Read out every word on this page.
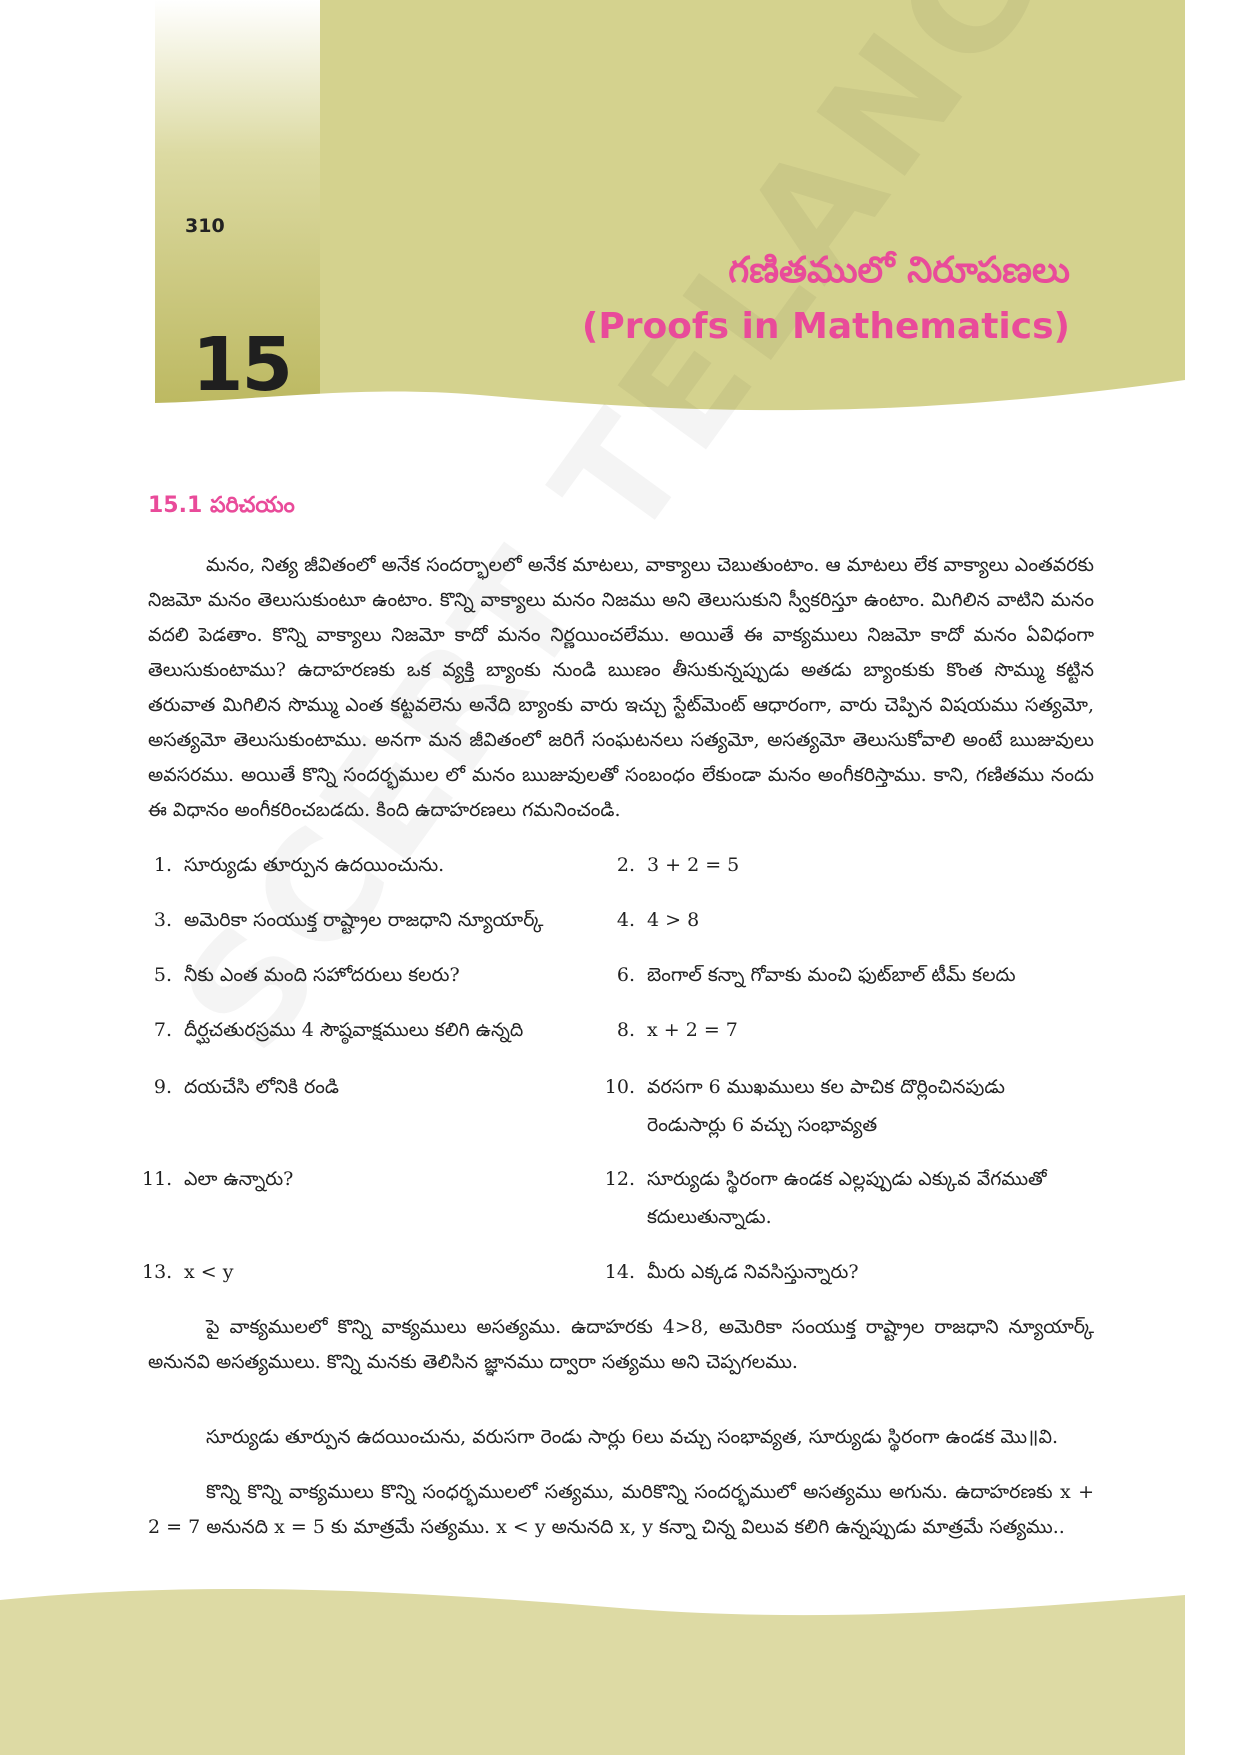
310
15
గణితములో నిరూపణలు
(Proofs in Mathematics)
15.1 పరిచయం
మనం, నిత్య జీవితంలో అనేక సందర్భాలలో అనేక మాటలు, వాక్యాలు చెబుతుంటాం. ఆ మాటలు లేక వాక్యాలు ఎంతవరకు నిజమో మనం తెలుసుకుంటూ ఉంటాం. కొన్ని వాక్యాలు మనం నిజము అని తెలుసుకుని స్వీకరిస్తూ ఉంటాం. మిగిలిన వాటిని మనం వదలి పెడతాం. కొన్ని వాక్యాలు నిజమో కాదో మనం నిర్ణయించలేము. అయితే ఈ వాక్యములు నిజమో కాదో మనం ఏవిధంగా తెలుసుకుంటాము? ఉదాహరణకు ఒక వ్యక్తి బ్యాంకు నుండి ఋణం తీసుకున్నప్పుడు అతడు బ్యాంకుకు కొంత సొమ్ము కట్టిన తరువాత మిగిలిన సొమ్ము ఎంత కట్టవలెను అనేది బ్యాంకు వారు ఇచ్చు స్టేట్‌మెంట్ ఆధారంగా, వారు చెప్పిన విషయము సత్యమో, అసత్యమో తెలుసుకుంటాము. అనగా మన జీవితంలో జరిగే సంఘటనలు సత్యమో, అసత్యమో తెలుసుకోవాలి అంటే ఋజువులు అవసరము. అయితే కొన్ని సందర్భముల లో మనం ఋజువులతో సంబంధం లేకుండా మనం అంగీకరిస్తాము. కాని, గణితము నందు ఈ విధానం అంగీకరించబడదు. కింది ఉదాహరణలు గమనించండి.
1. సూర్యుడు తూర్పున ఉదయించును.	2. 3 + 2 = 5
3. అమెరికా సంయుక్త రాష్ట్రాల రాజధాని న్యూయార్క్	4. 4 > 8
5. నీకు ఎంత మంది సహోదరులు కలరు?	6. బెంగాల్ కన్నా గోవాకు మంచి ఫుట్‌బాల్ టీమ్ కలదు
7. దీర్ఘచతురస్రము 4 సౌష్ఠవాక్షములు కలిగి ఉన్నది	8. x + 2 = 7
9. దయచేసి లోనికి రండి	10. వరసగా 6 ముఖములు కల పాచిక దొర్లించినపుడు రెండుసార్లు 6 వచ్చు సంభావ్యత
11. ఎలా ఉన్నారు?	12. సూర్యుడు స్థిరంగా ఉండక ఎల్లప్పుడు ఎక్కువ వేగముతో కదులుతున్నాడు.
13. x < y	14. మీరు ఎక్కడ నివసిస్తున్నారు?
పై వాక్యములలో కొన్ని వాక్యములు అసత్యము. ఉదాహరకు 4>8, అమెరికా సంయుక్త రాష్ట్రాల రాజధాని న్యూయార్క్ అనునవి అసత్యములు. కొన్ని మనకు తెలిసిన జ్ఞానము ద్వారా సత్యము అని చెప్పగలము.
సూర్యుడు తూర్పున ఉదయించును, వరుసగా రెండు సార్లు 6లు వచ్చు సంభావ్యత, సూర్యుడు స్థిరంగా ఉండక మొ॥వి.
కొన్ని కొన్ని వాక్యములు కొన్ని సంధర్భములలో సత్యము, మరికొన్ని సందర్భములో అసత్యము అగును. ఉదాహరణకు x + 2 = 7 అనునది x = 5 కు మాత్రమే సత్యము. x < y అనునది x, y కన్నా చిన్న విలువ కలిగి ఉన్నప్పుడు మాత్రమే సత్యము..
